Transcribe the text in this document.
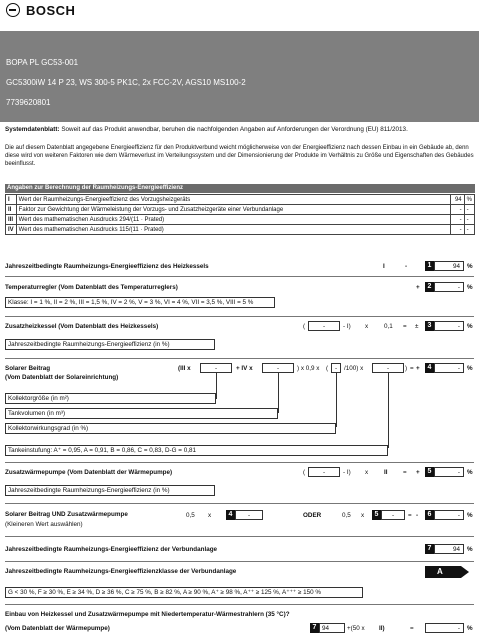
BOSCH
BOPA PL GC53-001
GC5300iW 14 P 23, WS 300-5 PK1C, 2x FCC-2V, AGS10 MS100-2
7739620801
Systemdatenblatt: Soweit auf das Produkt anwendbar, beruhen die nachfolgenden Angaben auf Anforderungen der Verordnung (EU) 811/2013.
Die auf diesem Datenblatt angegebene Energieeffizienz für den Produktverbund weicht möglicherweise von der Energieeffizienz nach dessen Einbau in ein Gebäude ab, denn diese wird von weiteren Faktoren wie dem Wärmeverlust im Verteilungssystem und der Dimensionierung der Produkte im Verhältnis zu Größe und Eigenschaften des Gebäudes beeinflusst.
Angaben zur Berechnung der Raumheizungs-Energieeffizienz
I	Wert der Raumheizungs-Energieeffizienz des Vorzugsheizgeräts	94	%
II	Faktor zur Gewichtung der Wärmeleistung der Vorzugs- und Zusatzheizgeräte einer Verbundanlage	-	-
III	Wert des mathematischen Ausdrucks 294/(11 · Prated)	-	-
IV	Wert des mathematischen Ausdrucks 115/(11 · Prated)	-	-
Jahreszeitbedingte Raumheizungs-Energieeffizienz des Heizkessels	I	-	1	94	%
Temperaturregler (Vom Datenblatt des Temperaturreglers)	+	2	-	%
Klasse: I = 1 %, II = 2 %, III = 1,5 %, IV = 2 %, V = 3 %, VI = 4 %, VII = 3,5 %, VIII = 5 %
Zusatzheizkessel (Vom Datenblatt des Heizkessels)	(	-	- I) x	0,1 = ±	3	-	%
Jahreszeitbedingte Raumheizungs-Energieeffizienz (in %)
Solarer Beitrag
(Vom Datenblatt der Solareinrichtung)
(III x	-	+ IV x	-	) x 0,9 x (	-	/100) x	-	) = +	4	-	%
Kollektorgröße (in m²)
Tankvolumen (in m³)
Kollektorwirkungsgrad (in %)
Tankeinstufung: A⁺ = 0,95, A = 0,91, B = 0,86, C = 0,83, D-G = 0,81
Zusatzwärmepumpe (Vom Datenblatt der Wärmepumpe)	(	-	- I) x	II = +	5	-	%
Jahreszeitbedingte Raumheizungs-Energieeffizienz (in %)
Solarer Beitrag UND Zusatzwärmepumpe
(Kleineren Wert auswählen)
0,5 x	4	-	ODER	0,5 x	5	-	= -	6	-	%
Jahreszeitbedingte Raumheizungs-Energieeffizienz der Verbundanlage	7	94	%
Jahreszeitbedingte Raumheizungs-Energieeffizienzklasse der Verbundanlage	A
G < 30 %, F ≥ 30 %, E ≥ 34 %, D ≥ 36 %, C ≥ 75 %, B ≥ 82 %, A ≥ 90 %, A⁺ ≥ 98 %, A⁺⁺ ≥ 125 %, A⁺⁺⁺ ≥ 150 %
Einbau von Heizkessel und Zusatzwärmepumpe mit Niedertemperatur-Wärmestrahlern (35 °C)?
(Vom Datenblatt der Wärmepumpe)	7 94	+(50 x II)	=	-	%
